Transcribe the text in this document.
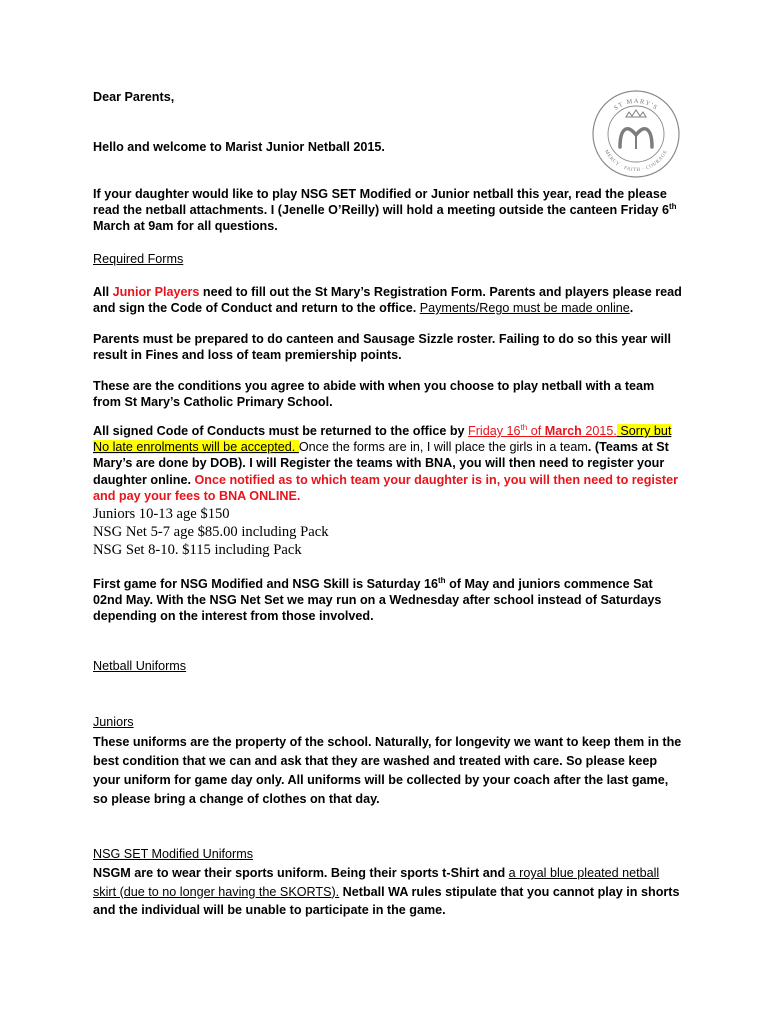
ST MARY'S
MERCY · FAITH · COURAGE

Dear Parents,

Hello and welcome to Marist Junior Netball 2015.

If your daughter would like to play NSG SET Modified or Junior netball this year, read the please read the netball attachments. I (Jenelle O’Reilly) will hold a meeting outside the canteen Friday 6th March at 9am for all questions.

Required Forms

All Junior Players need to fill out the St Mary’s Registration Form. Parents and players please read and sign the Code of Conduct and return to the office. Payments/Rego must be made online.

Parents must be prepared to do canteen and Sausage Sizzle roster. Failing to do so this year will result in Fines and loss of team premiership points.

These are the conditions you agree to abide with when you choose to play netball with a team from St Mary’s Catholic Primary School.

All signed Code of Conducts must be returned to the office by Friday 16th of March 2015. Sorry but No late enrolments will be accepted. Once the forms are in, I will place the girls in a team. (Teams at St Mary’s are done by DOB). I will Register the teams with BNA, you will then need to register your daughter online. Once notified as to which team your daughter is in, you will then need to register and pay your fees to BNA ONLINE.

Juniors 10-13 age $150

NSG Net 5-7 age $85.00 including Pack

NSG Set 8-10. $115 including Pack

First game for NSG Modified and NSG Skill is Saturday 16th of May and juniors commence Sat 02nd May. With the NSG Net Set we may run on a Wednesday after school instead of Saturdays depending on the interest from those involved.

Netball Uniforms

Juniors

These uniforms are the property of the school. Naturally, for longevity we want to keep them in the best condition that we can and ask that they are washed and treated with care. So please keep your uniform for game day only. All uniforms will be collected by your coach after the last game, so please bring a change of clothes on that day.

NSG SET Modified Uniforms

NSGM are to wear their sports uniform. Being their sports t-Shirt and a royal blue pleated netball skirt (due to no longer having the SKORTS). Netball WA rules stipulate that you cannot play in shorts and the individual will be unable to participate in the game.
